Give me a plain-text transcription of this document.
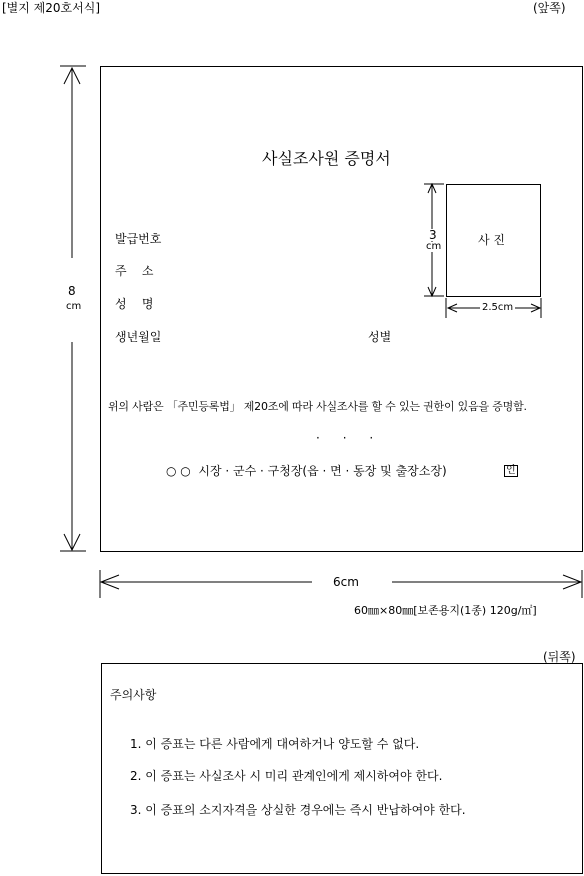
[별지 제20호서식]	(앞쪽)
8
cm
6cm
60㎜×80㎜[보존용지(1종) 120g/㎡]
사실조사원 증명서
발급번호
주    소
성    명
생년월일	성별
사 진
3
cm
2.5cm
위의 사람은 「주민등록법」 제20조에 따라 사실조사를 할 수 있는 권한이 있음을 증명함.
·      ·      ·
○ ○  시장 · 군수 · 구청장(읍 · 면 · 동장 및 출장소장)	인
(뒤쪽)
주의사항
1. 이 증표는 다른 사람에게 대여하거나 양도할 수 없다.
2. 이 증표는 사실조사 시 미리 관계인에게 제시하여야 한다.
3. 이 증표의 소지자격을 상실한 경우에는 즉시 반납하여야 한다.
